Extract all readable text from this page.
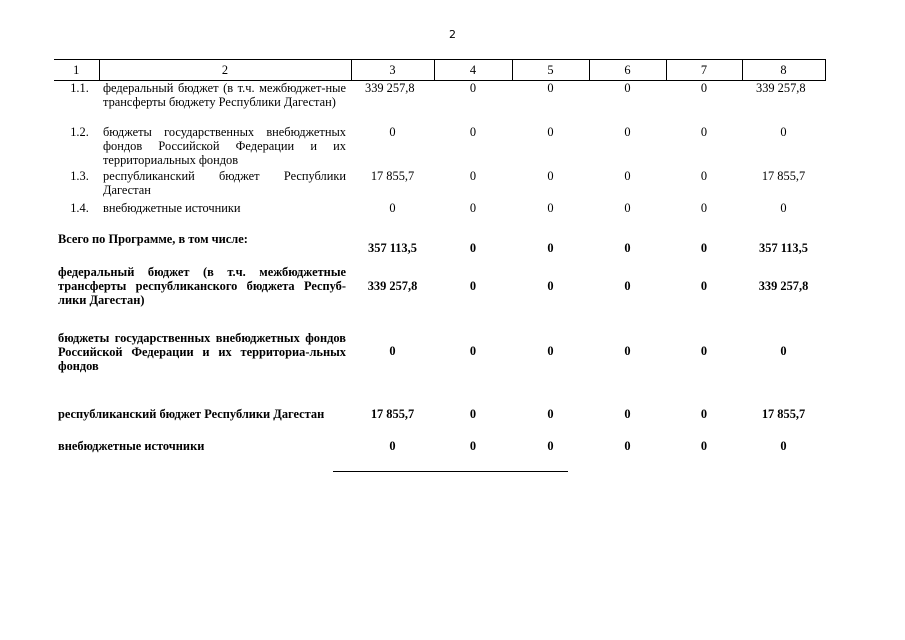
2
1	2	3	4	5	6	7	8
1.1.	федеральный бюджет (в т.ч. межбюджет-ные трансферты бюджету Республики Дагестан)	339 257,8	0	0	0	0	339 257,8
1.2.	бюджеты государственных внебюджетных фондов Российской Федерации и их территориальных фондов	0	0	0	0	0	0
1.3.	республиканский бюджет Республики Дагестан	17 855,7	0	0	0	0	17 855,7
1.4.	внебюджетные источники	0	0	0	0	0	0
Всего по Программе, в том числе:		357 113,5	0	0	0	0	357 113,5
федеральный бюджет (в т.ч. межбюджетные трансферты республиканского бюджета Респуб-лики Дагестан)		339 257,8	0	0	0	0	339 257,8
бюджеты государственных внебюджетных фондов Российской Федерации и их территориа-льных фондов		0	0	0	0	0	0
республиканский бюджет Республики Дагестан		17 855,7	0	0	0	0	17 855,7
внебюджетные источники		0	0	0	0	0	0
